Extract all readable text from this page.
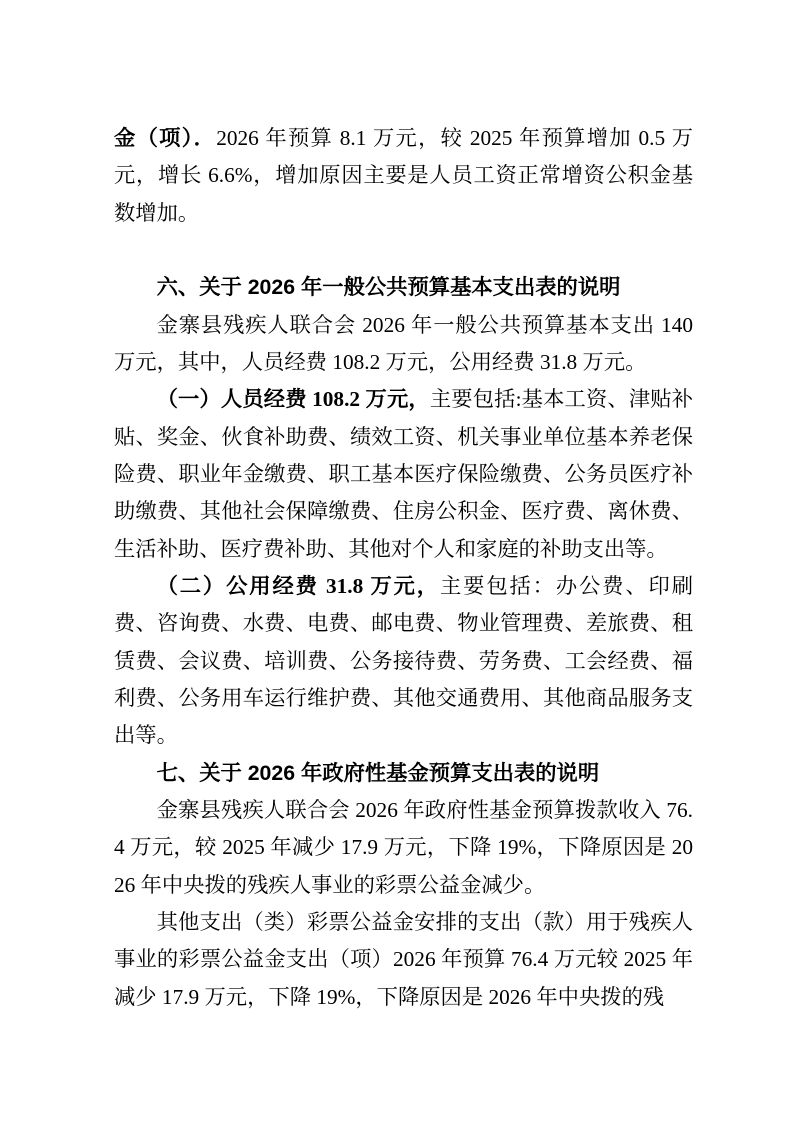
金（项）．2026 年预算 8.1 万元，较 2025 年预算增加 0.5 万元，增长 6.6%，增加原因主要是人员工资正常增资公积金基数增加。

六、关于 2026 年一般公共预算基本支出表的说明

金寨县残疾人联合会 2026 年一般公共预算基本支出 140 万元，其中，人员经费 108.2 万元，公用经费 31.8 万元。

（一）人员经费 108.2 万元，主要包括:基本工资、津贴补贴、奖金、伙食补助费、绩效工资、机关事业单位基本养老保险费、职业年金缴费、职工基本医疗保险缴费、公务员医疗补助缴费、其他社会保障缴费、住房公积金、医疗费、离休费、生活补助、医疗费补助、其他对个人和家庭的补助支出等。

（二）公用经费 31.8 万元，主要包括：办公费、印刷费、咨询费、水费、电费、邮电费、物业管理费、差旅费、租赁费、会议费、培训费、公务接待费、劳务费、工会经费、福利费、公务用车运行维护费、其他交通费用、其他商品服务支出等。

七、关于 2026 年政府性基金预算支出表的说明

金寨县残疾人联合会 2026 年政府性基金预算拨款收入 76.4 万元，较 2025 年减少 17.9 万元，下降 19%，下降原因是 2026 年中央拨的残疾人事业的彩票公益金减少。

其他支出（类）彩票公益金安排的支出（款）用于残疾人事业的彩票公益金支出（项）2026 年预算 76.4 万元较 2025 年减少 17.9 万元，下降 19%，下降原因是 2026 年中央拨的残
